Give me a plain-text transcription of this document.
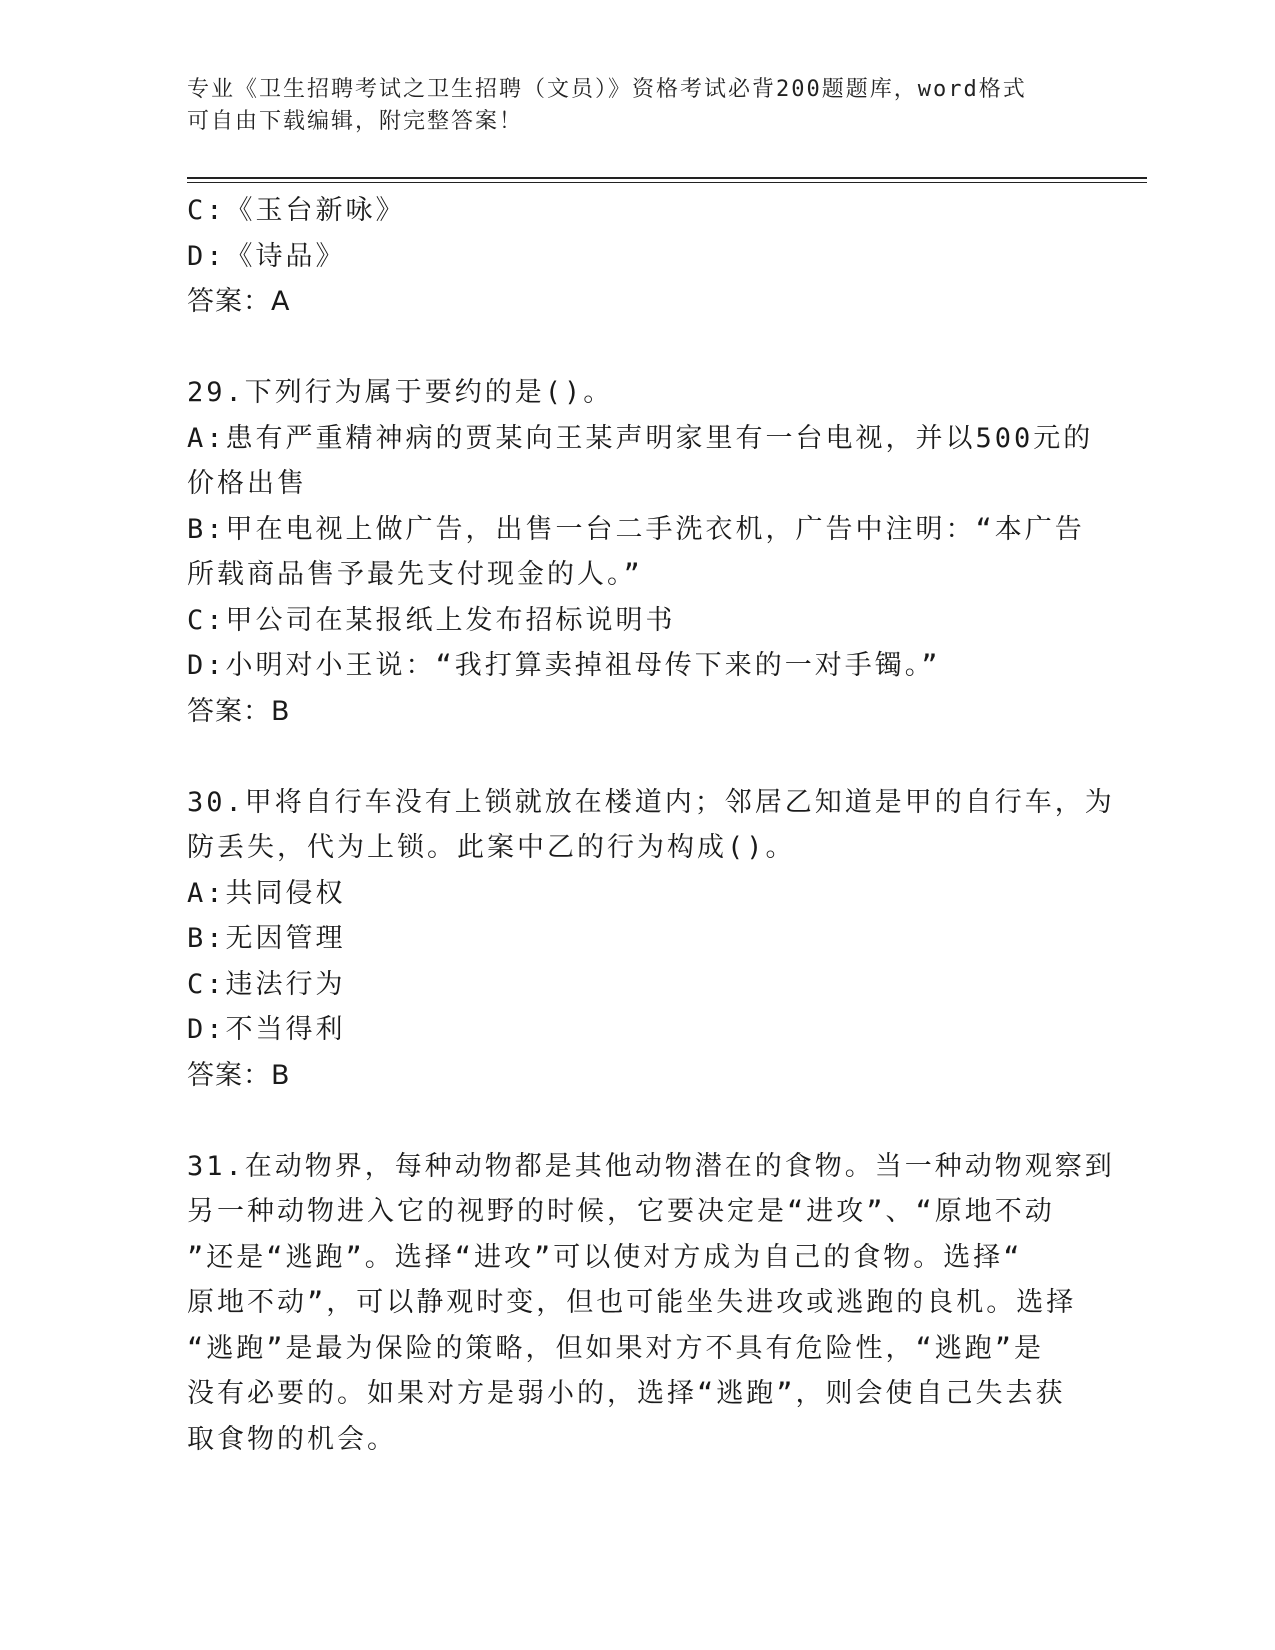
专业《卫生招聘考试之卫生招聘（文员）》资格考试必背200题题库，word格式
可自由下载编辑，附完整答案！
C:《玉台新咏》
D:《诗品》
答案：A
29.下列行为属于要约的是()。
A:患有严重精神病的贾某向王某声明家里有一台电视，并以500元的
价格出售
B:甲在电视上做广告，出售一台二手洗衣机，广告中注明：“本广告
所载商品售予最先支付现金的人。”
C:甲公司在某报纸上发布招标说明书
D:小明对小王说：“我打算卖掉祖母传下来的一对手镯。”
答案：B
30.甲将自行车没有上锁就放在楼道内；邻居乙知道是甲的自行车，为
防丢失，代为上锁。此案中乙的行为构成()。
A:共同侵权
B:无因管理
C:违法行为
D:不当得利
答案：B
31.在动物界，每种动物都是其他动物潜在的食物。当一种动物观察到
另一种动物进入它的视野的时候，它要决定是“进攻”、“原地不动
”还是“逃跑”。选择“进攻”可以使对方成为自己的食物。选择“
原地不动”，可以静观时变，但也可能坐失进攻或逃跑的良机。选择
“逃跑”是最为保险的策略，但如果对方不具有危险性，“逃跑”是
没有必要的。如果对方是弱小的，选择“逃跑”，则会使自己失去获
取食物的机会。
